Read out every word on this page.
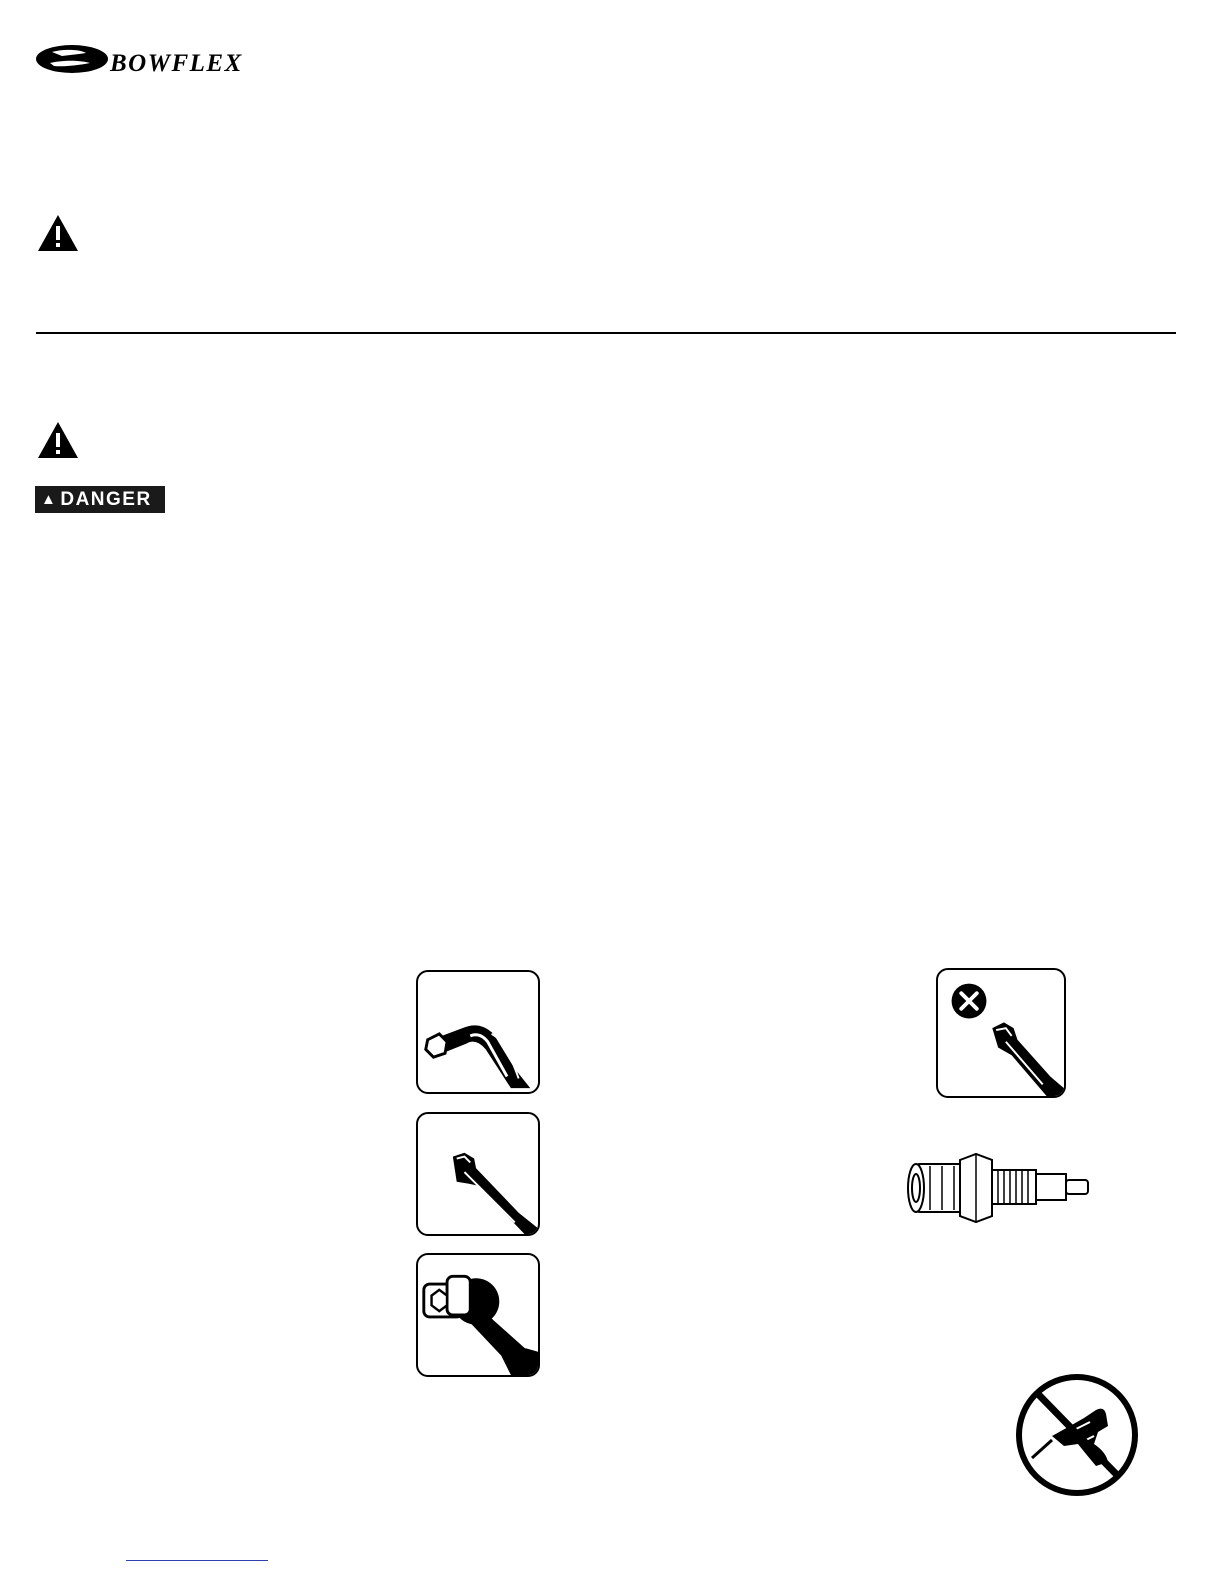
BOWFLEX
▲ DANGER
